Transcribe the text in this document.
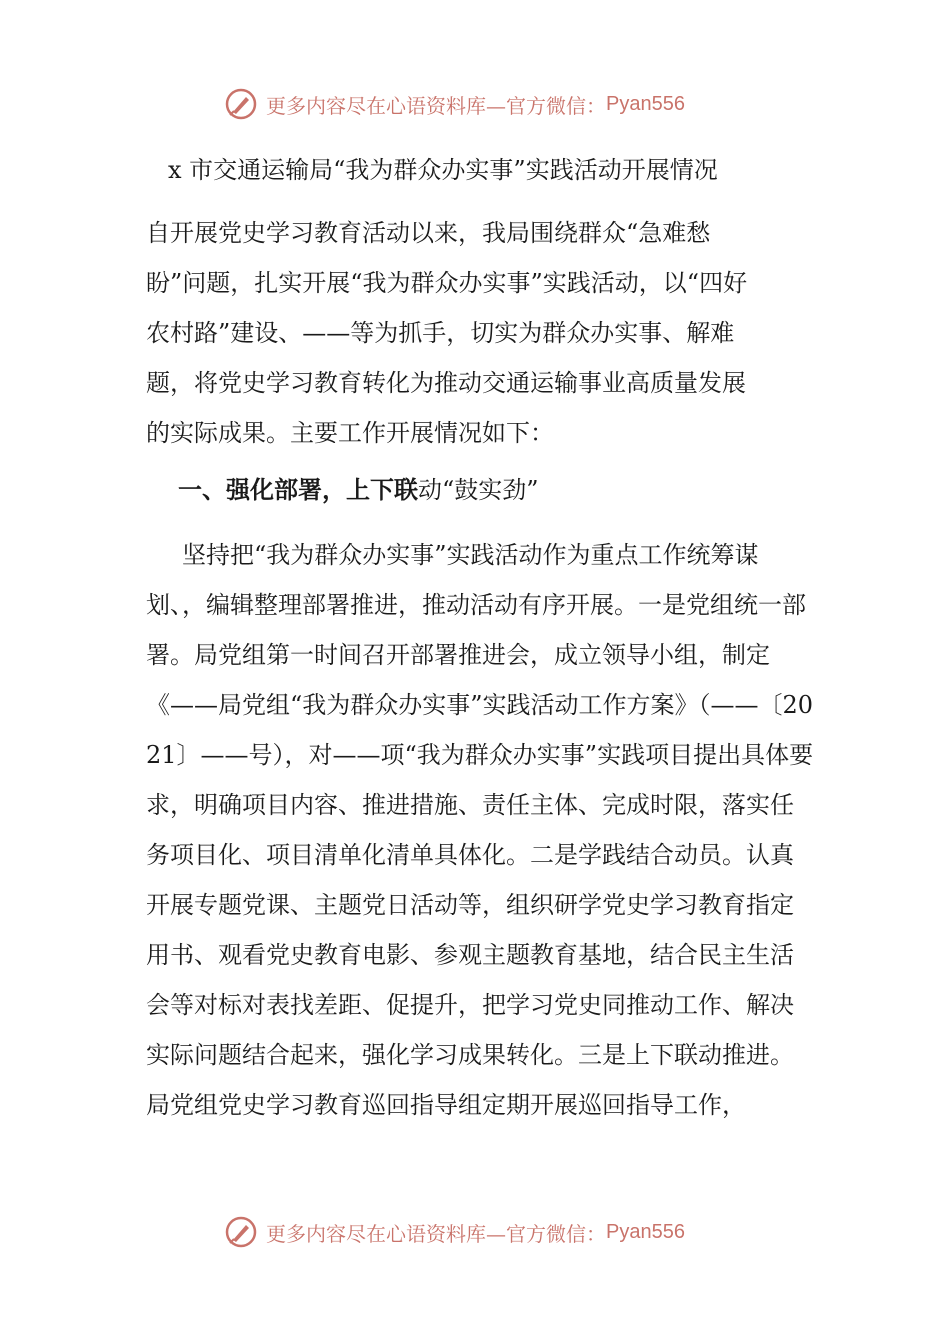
更多内容尽在心语资料库—官方微信： Pyan556
x 市交通运输局“我为群众办实事”实践活动开展情况
自开展党史学习教育活动以来，我局围绕群众“急难愁盼”问题，扎实开展“我为群众办实事”实践活动，以“四好农村路”建设、——等为抓手，切实为群众办实事、解难题，将党史学习教育转化为推动交通运输事业高质量发展的实际成果。主要工作开展情况如下：
一、强化部署，上下联动“鼓实劲”
坚持把“我为群众办实事”实践活动作为重点工作统筹谋划、，编辑整理部署推进，推动活动有序开展。一是党组统一部署。局党组第一时间召开部署推进会，成立领导小组，制定《——局党组“我为群众办实事”实践活动工作方案》（——〔2021〕——号），对——项“我为群众办实事”实践项目提出具体要求，明确项目内容、推进措施、责任主体、完成时限，落实任务项目化、项目清单化清单具体化。二是学践结合动员。认真开展专题党课、主题党日活动等，组织研学党史学习教育指定用书、观看党史教育电影、参观主题教育基地，结合民主生活会等对标对表找差距、促提升，把学习党史同推动工作、解决实际问题结合起来，强化学习成果转化。三是上下联动推进。局党组党史学习教育巡回指导组定期开展巡回指导工作，
更多内容尽在心语资料库—官方微信： Pyan556
